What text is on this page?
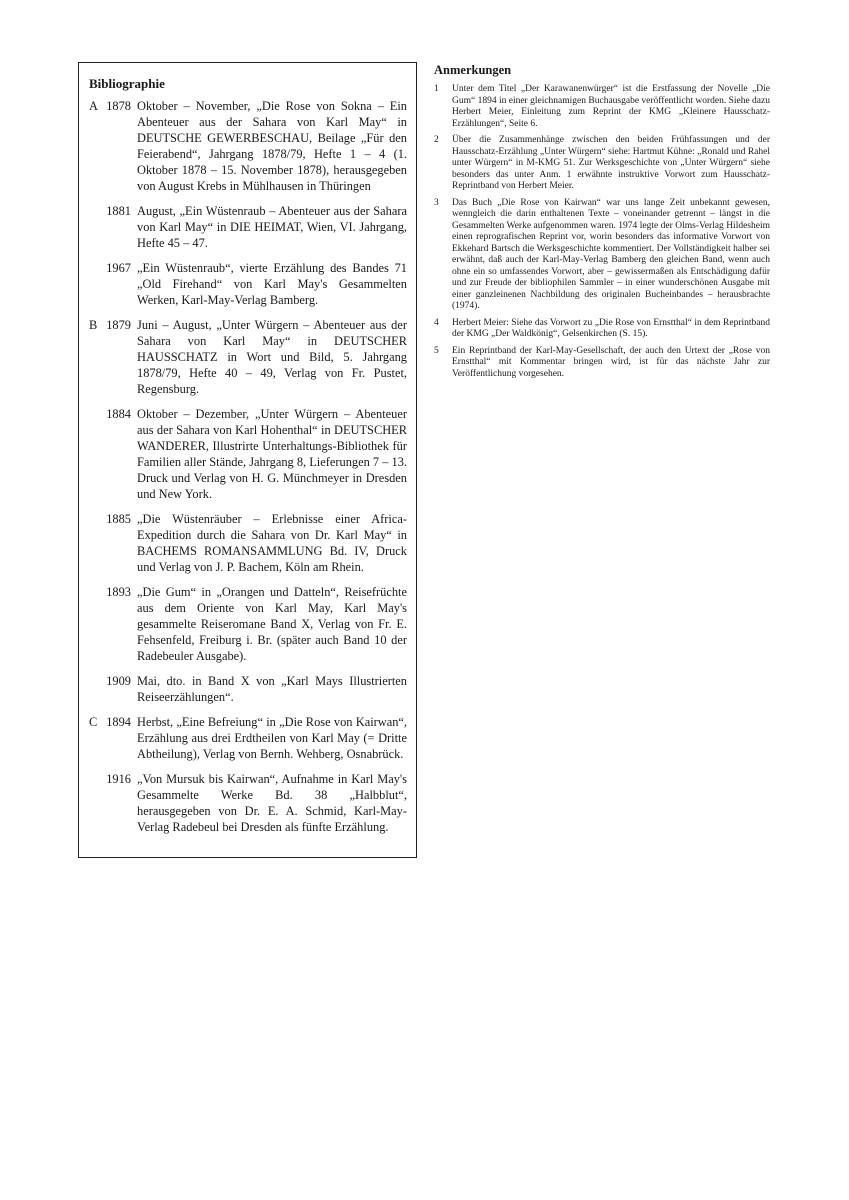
Bibliographie
A 1878 Oktober – November, „Die Rose von Sokna – Ein Abenteuer aus der Sahara von Karl May“ in DEUTSCHE GEWERBESCHAU, Beilage „Für den Feierabend“, Jahrgang 1878/79, Hefte 1 – 4 (1. Oktober 1878 – 15. November 1878), herausgegeben von August Krebs in Mühlhausen in Thüringen
1881 August, „Ein Wüstenraub – Abenteuer aus der Sahara von Karl May“ in DIE HEIMAT, Wien, VI. Jahrgang, Hefte 45 – 47.
1967 „Ein Wüstenraub“, vierte Erzählung des Bandes 71 „Old Firehand“ von Karl May's Gesammelten Werken, Karl-May-Verlag Bamberg.
B 1879 Juni – August, „Unter Würgern – Abenteuer aus der Sahara von Karl May“ in DEUTSCHER HAUSSCHATZ in Wort und Bild, 5. Jahrgang 1878/79, Hefte 40 – 49, Verlag von Fr. Pustet, Regensburg.
1884 Oktober – Dezember, „Unter Würgern – Abenteuer aus der Sahara von Karl Hohenthal“ in DEUTSCHER WANDERER, Illustrirte Unterhaltungs-Bibliothek für Familien aller Stände, Jahrgang 8, Lieferungen 7 – 13. Druck und Verlag von H. G. Münchmeyer in Dresden und New York.
1885 „Die Wüstenräuber – Erlebnisse einer Africa-Expedition durch die Sahara von Dr. Karl May“ in BACHEMS ROMANSAMMLUNG Bd. IV, Druck und Verlag von J. P. Bachem, Köln am Rhein.
1893 „Die Gum“ in „Orangen und Datteln“, Reisefrüchte aus dem Oriente von Karl May, Karl May's gesammelte Reiseromane Band X, Verlag von Fr. E. Fehsenfeld, Freiburg i. Br. (später auch Band 10 der Radebeuler Ausgabe).
1909 Mai, dto. in Band X von „Karl Mays Illustrierten Reiseerzählungen“.
C 1894 Herbst, „Eine Befreiung“ in „Die Rose von Kairwan“, Erzählung aus drei Erdtheilen von Karl May (= Dritte Abtheilung), Verlag von Bernh. Wehberg, Osnabrück.
1916 „Von Mursuk bis Kairwan“, Aufnahme in Karl May's Gesammelte Werke Bd. 38 „Halbblut“, herausgegeben von Dr. E. A. Schmid, Karl-May-Verlag Radebeul bei Dresden als fünfte Erzählung.
Anmerkungen
1	Unter dem Titel „Der Karawanenwürger“ ist die Erstfassung der Novelle „Die Gum“ 1894 in einer gleichnamigen Buchausgabe veröffentlicht worden. Siehe dazu Herbert Meier, Einleitung zum Reprint der KMG „Kleinere Hausschatz-Erzählungen“, Seite 6.
2	Über die Zusammenhänge zwischen den beiden Frühfassungen und der Hausschatz-Erzählung „Unter Würgern“ siehe: Hartmut Kühne: „Ronald und Rahel unter Würgern“ in M-KMG 51. Zur Werksgeschichte von „Unter Würgern“ siehe besonders das unter Anm. 1 erwähnte instruktive Vorwort zum Hausschatz-Reprintband von Herbert Meier.
3	Das Buch „Die Rose von Kairwan“ war uns lange Zeit unbekannt gewesen, wenngleich die darin enthaltenen Texte – voneinander getrennt – längst in die Gesammelten Werke aufgenommen waren. 1974 legte der Olms-Verlag Hildesheim einen reprografischen Reprint vor, worin besonders das informative Vorwort von Ekkehard Bartsch die Werksgeschichte kommentiert. Der Vollständigkeit halber sei erwähnt, daß auch der Karl-May-Verlag Bamberg den gleichen Band, wenn auch ohne ein so umfassendes Vorwort, aber – gewissermaßen als Entschädigung dafür und zur Freude der bibliophilen Sammler – in einer wunderschönen Ausgabe mit einer ganzleinenen Nachbildung des originalen Bucheinbandes – herausbrachte (1974).
4	Herbert Meier: Siehe das Vorwort zu „Die Rose von Ernstthal“ in dem Reprintband der KMG „Der Waldkönig“, Gelsenkirchen (S. 15).
5	Ein Reprintband der Karl-May-Gesellschaft, der auch den Urtext der „Rose von Ernstthal“ mit Kommentar bringen wird, ist für das nächste Jahr zur Veröffentlichung vorgesehen.
